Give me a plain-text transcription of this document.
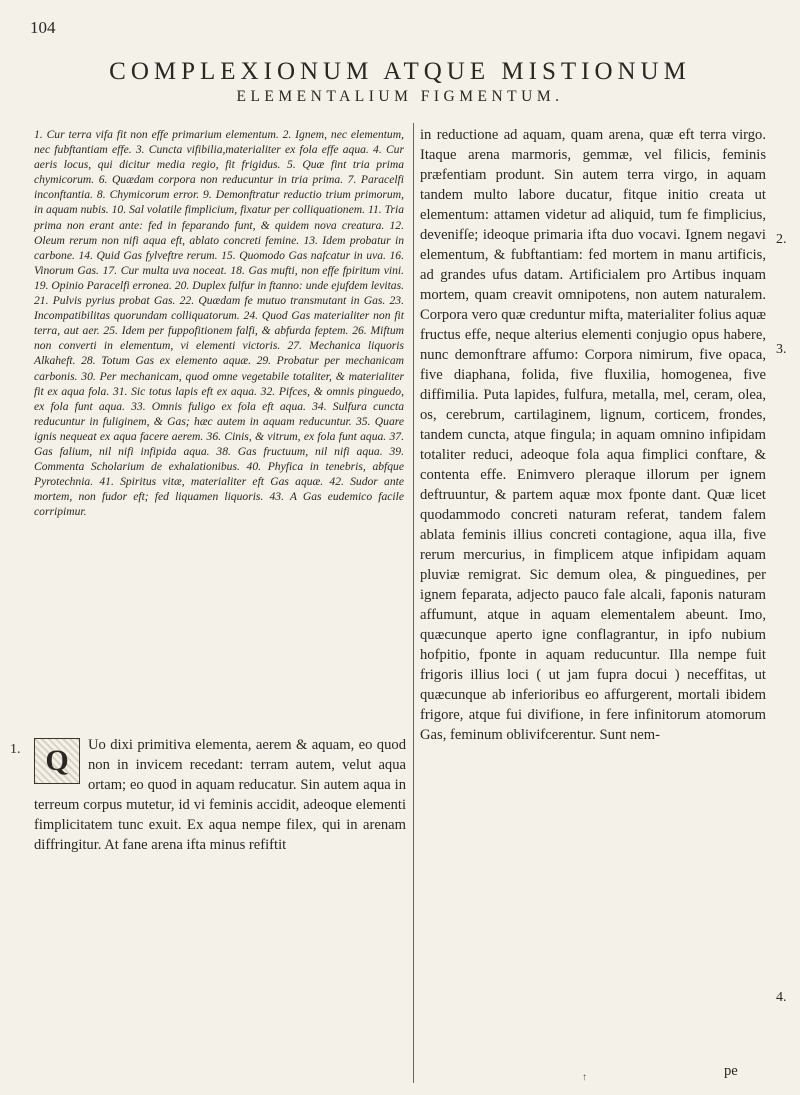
104
COMPLEXIONUM ATQUE MISTIONUM
ELEMENTALIUM FIGMENTUM.
1. Cur terra vifa fit non effe primarium elementum. 2. Ignem, nec elementum, nec fubftantiam effe. 3. Cuncta vifibilia,materialiter ex fola effe aqua. 4. Cur aeris locus, qui dicitur media regio, fit frigidus. 5. Quæ fint tria prima chymicorum. 6. Quædam corpora non reducuntur in tria prima. 7. Paracelfi inconftantia. 8. Chymicorum error. 9. Demonftratur reductio trium primorum, in aquam nubis. 10. Sal volatile fimplicium, fixatur per colliquationem. 11. Tria prima non erant ante: fed in feparando funt, & quidem nova creatura. 12. Oleum rerum non nifi aqua eft, ablato concreti femine. 13. Idem probatur in carbone. 14. Quid Gas fylveftre rerum. 15. Quomodo Gas nafcatur in uva. 16. Vinorum Gas. 17. Cur multa uva noceat. 18. Gas mufti, non effe fpiritum vini. 19. Opinio Paracelfi erronea. 20. Duplex fulfur in ftanno: unde ejufdem levitas. 21. Pulvis pyrius probat Gas. 22. Quædam fe mutuo transmutant in Gas. 23. Incompatibilitas quorundam colliquatorum. 24. Quod Gas materialiter non fit terra, aut aer. 25. Idem per fuppofitionem falfi, & abfurda feptem. 26. Miftum non converti in elementum, vi elementi victoris. 27. Mechanica liquoris Alkaheft. 28. Totum Gas ex elemento aquæ. 29. Probatur per mechanicam carbonis. 30. Per mechanicam, quod omne vegetabile totaliter, & materialiter fit ex aqua fola. 31. Sic totus lapis eft ex aqua. 32. Pifces, & omnis pinguedo, ex fola funt aqua. 33. Omnis fuligo ex fola eft aqua. 34. Sulfura cuncta reducuntur in fuliginem, & Gas; hæc autem in aquam reducuntur. 35. Quare ignis nequeat ex aqua facere aerem. 36. Cinis, & vitrum, ex fola funt aqua. 37. Gas falium, nil nifi infipida aqua. 38. Gas fructuum, nil nifi aqua. 39. Commenta Scholarium de exhalationibus. 40. Phyfica in tenebris, abfque Pyrotechnia. 41. Spiritus vitæ, materialiter eft Gas aquæ. 42. Sudor ante mortem, non fudor eft; fed liquamen liquoris. 43. A Gas eudemico facile corripimur.
Q	Uo dixi primitiva elementa, aerem & aquam, eo quod non in invicem recedant: terram autem, velut aqua ortam; eo quod in aquam reducatur. Sin autem aqua in terreum corpus mutetur, id vi feminis accidit, adeoque elementi fimplicitatem tunc exuit. Ex aqua nempe filex, qui in arenam diffringitur. At fane arena ifta minus refiftit
in reductione ad aquam, quam arena, quæ eft terra virgo. Itaque arena marmoris, gemmæ, vel filicis, feminis præfentiam produnt. Sin autem terra virgo, in aquam tandem multo labore ducatur, fitque initio creata ut elementum: attamen videtur ad aliquid, tum fe fimplicius, devenifſe; ideoque primaria ifta duo vocavi. Ignem negavi elementum, & fubftantiam: fed mortem in manu artificis, ad grandes ufus datam. Artificialem pro Artibus inquam mortem, quam creavit omnipotens, non autem naturalem. Corpora vero quæ creduntur mifta, materialiter folius aquæ fructus effe, neque alterius elementi conjugio opus habere, nunc demonftrare affumo: Corpora nimirum, five opaca, five diaphana, folida, five fluxilia, homogenea, five diffimilia. Puta lapides, fulfura, metalla, mel, ceram, olea, os, cerebrum, cartilaginem, lignum, corticem, frondes, tandem cuncta, atque fingula; in aquam omnino infipidam totaliter reduci, adeoque fola aqua fimplici conftare, & contenta effe. Enimvero pleraque illorum per ignem deftruuntur, & partem aquæ mox fponte dant. Quæ licet quodammodo concreti naturam referat, tandem falem ablata feminis illius concreti contagione, aqua illa, five rerum mercurius, in fimplicem atque infipidam aquam pluviæ remigrat. Sic demum olea, & pinguedines, per ignem feparata, adjecto pauco fale alcali, faponis naturam affumunt, atque in aquam elementalem abeunt. Imo, quæcunque aperto igne conflagrantur, in ipfo nubium hofpitio, fponte in aquam reducuntur. Illa nempe fuit frigoris illius loci ( ut jam fupra docui ) neceffitas, ut quæcunque ab inferioribus eo affurgerent, mortali ibidem frigore, atque fui divifione, in fere infinitorum atomorum Gas, feminum oblivifcerentur. Sunt nem-
1.
2.
3.
4.
pe
↑
